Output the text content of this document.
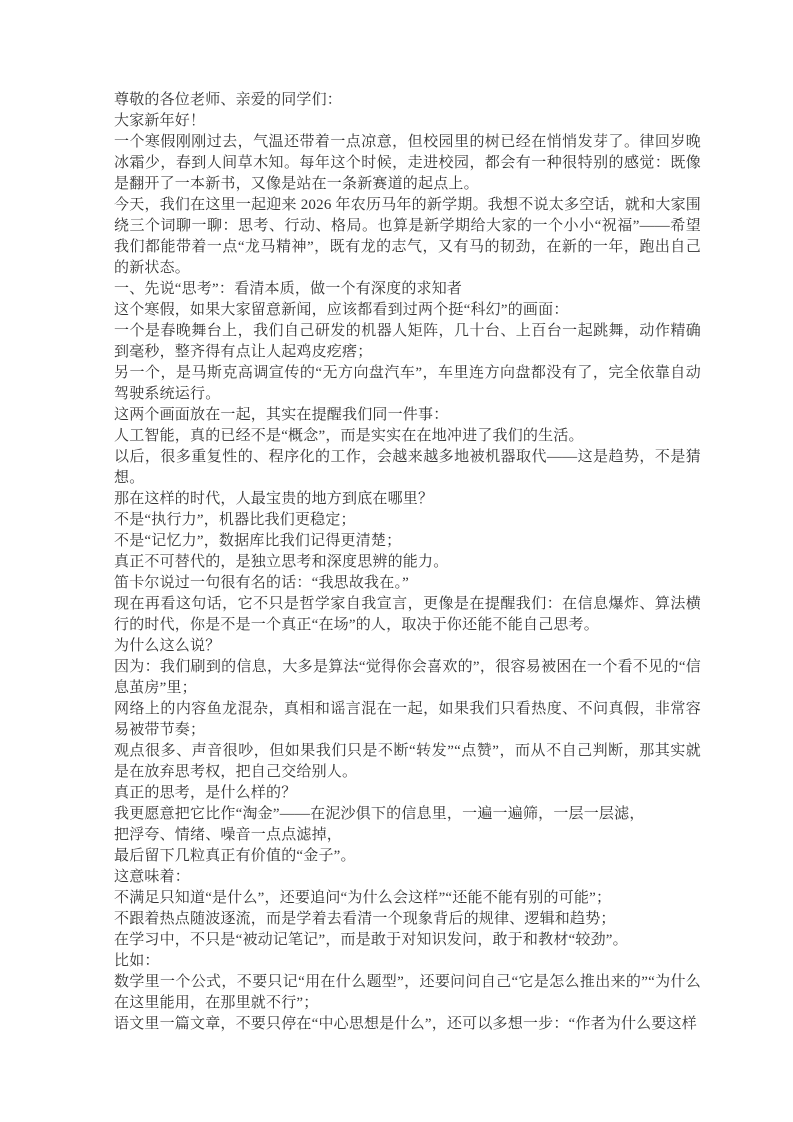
尊敬的各位老师、亲爱的同学们：

大家新年好！

一个寒假刚刚过去，气温还带着一点凉意，但校园里的树已经在悄悄发芽了。律回岁晚冰霜少，春到人间草木知。每年这个时候，走进校园，都会有一种很特别的感觉：既像是翻开了一本新书，又像是站在一条新赛道的起点上。

今天，我们在这里一起迎来 2026 年农历马年的新学期。我想不说太多空话，就和大家围绕三个词聊一聊：思考、行动、格局。也算是新学期给大家的一个小小“祝福”——希望我们都能带着一点“龙马精神”，既有龙的志气，又有马的韧劲，在新的一年，跑出自己的新状态。

一、先说“思考”：看清本质，做一个有深度的求知者

这个寒假，如果大家留意新闻，应该都看到过两个挺“科幻”的画面：

一个是春晚舞台上，我们自己研发的机器人矩阵，几十台、上百台一起跳舞，动作精确到毫秒，整齐得有点让人起鸡皮疙瘩；

另一个，是马斯克高调宣传的“无方向盘汽车”，车里连方向盘都没有了，完全依靠自动驾驶系统运行。

这两个画面放在一起，其实在提醒我们同一件事：

人工智能，真的已经不是“概念”，而是实实在在地冲进了我们的生活。

以后，很多重复性的、程序化的工作，会越来越多地被机器取代——这是趋势，不是猜想。

那在这样的时代，人最宝贵的地方到底在哪里？

不是“执行力”，机器比我们更稳定；

不是“记忆力”，数据库比我们记得更清楚；

真正不可替代的，是独立思考和深度思辨的能力。

笛卡尔说过一句很有名的话：“我思故我在。”

现在再看这句话，它不只是哲学家自我宣言，更像是在提醒我们：在信息爆炸、算法横行的时代，你是不是一个真正“在场”的人，取决于你还能不能自己思考。

为什么这么说？

因为：我们刷到的信息，大多是算法“觉得你会喜欢的”，很容易被困在一个看不见的“信息茧房”里；

网络上的内容鱼龙混杂，真相和谣言混在一起，如果我们只看热度、不问真假，非常容易被带节奏；

观点很多、声音很吵，但如果我们只是不断“转发”“点赞”，而从不自己判断，那其实就是在放弃思考权，把自己交给别人。

真正的思考，是什么样的？

我更愿意把它比作“淘金”——在泥沙俱下的信息里，一遍一遍筛，一层一层滤，

把浮夸、情绪、噪音一点点滤掉，

最后留下几粒真正有价值的“金子”。

这意味着：

不满足只知道“是什么”，还要追问“为什么会这样”“还能不能有别的可能”；

不跟着热点随波逐流，而是学着去看清一个现象背后的规律、逻辑和趋势；

在学习中，不只是“被动记笔记”，而是敢于对知识发问，敢于和教材“较劲”。

比如：

数学里一个公式，不要只记“用在什么题型”，还要问问自己“它是怎么推出来的”“为什么在这里能用，在那里就不行”；

语文里一篇文章，不要只停在“中心思想是什么”，还可以多想一步：“作者为什么要这样
